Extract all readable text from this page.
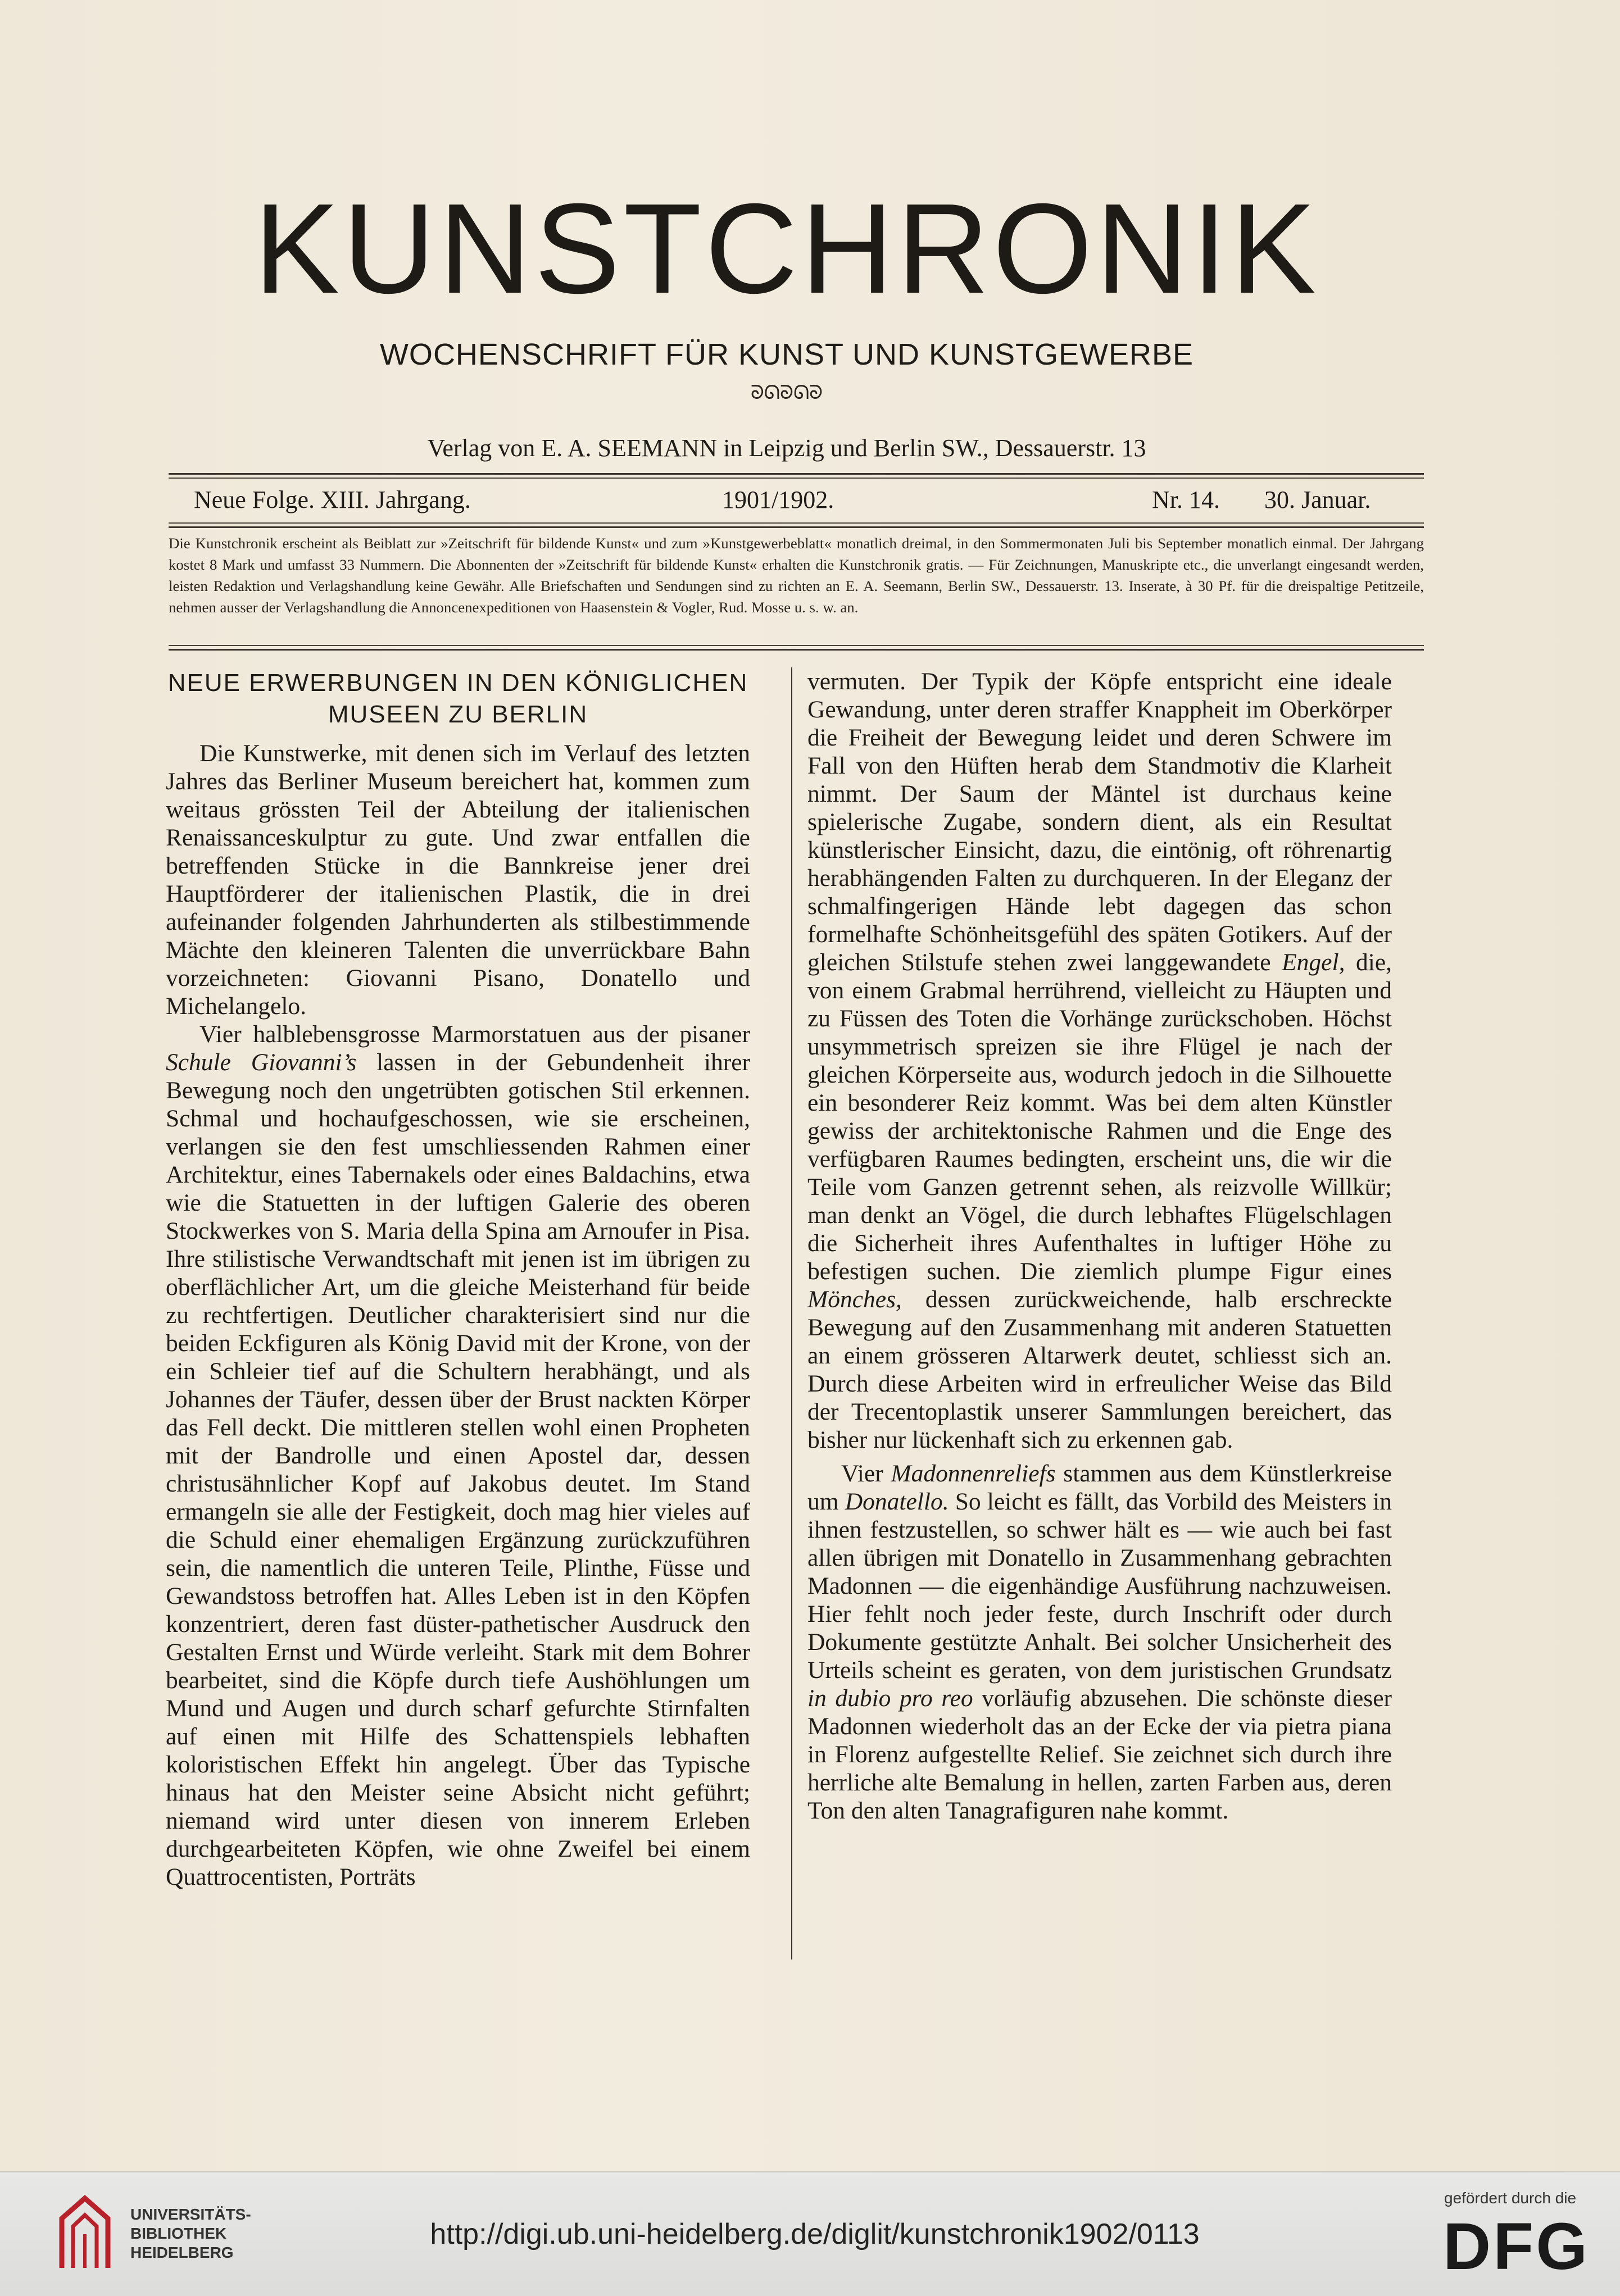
KUNSTCHRONIK
WOCHENSCHRIFT FÜR KUNST UND KUNSTGEWERBE
ᘐᘏᘐᘏᘐ
Verlag von E. A. SEEMANN in Leipzig und Berlin SW., Dessauerstr. 13
Neue Folge. XIII. Jahrgang.	1901/1902.	Nr. 14. 30. Januar.
Die Kunstchronik erscheint als Beiblatt zur »Zeitschrift für bildende Kunst« und zum »Kunstgewerbeblatt« monatlich dreimal, in den Sommermonaten Juli bis September monatlich einmal. Der Jahrgang kostet 8 Mark und umfasst 33 Nummern. Die Abonnenten der »Zeitschrift für bildende Kunst« erhalten die Kunstchronik gratis. — Für Zeichnungen, Manuskripte etc., die unverlangt eingesandt werden, leisten Redaktion und Verlagshandlung keine Gewähr. Alle Briefschaften und Sendungen sind zu richten an E. A. Seemann, Berlin SW., Dessauerstr. 13. Inserate, à 30 Pf. für die dreispaltige Petitzeile, nehmen ausser der Verlagshandlung die Annoncenexpeditionen von Haasenstein & Vogler, Rud. Mosse u. s. w. an.
NEUE ERWERBUNGEN IN DEN KÖNIGLICHEN MUSEEN ZU BERLIN

Die Kunstwerke, mit denen sich im Verlauf des letzten Jahres das Berliner Museum bereichert hat, kommen zum weitaus grössten Teil der Abteilung der italienischen Renaissanceskulptur zu gute. Und zwar entfallen die betreffenden Stücke in die Bannkreise jener drei Hauptförderer der italienischen Plastik, die in drei aufeinander folgenden Jahrhunderten als stilbestimmende Mächte den kleineren Talenten die unverrückbare Bahn vorzeichneten: Giovanni Pisano, Donatello und Michelangelo.

Vier halblebensgrosse Marmorstatuen aus der pisaner Schule Giovanni’s lassen in der Gebundenheit ihrer Bewegung noch den ungetrübten gotischen Stil erkennen. Schmal und hochaufgeschossen, wie sie erscheinen, verlangen sie den fest umschliessenden Rahmen einer Architektur, eines Tabernakels oder eines Baldachins, etwa wie die Statuetten in der luftigen Galerie des oberen Stockwerkes von S. Maria della Spina am Arnoufer in Pisa. Ihre stilistische Verwandtschaft mit jenen ist im übrigen zu oberflächlicher Art, um die gleiche Meisterhand für beide zu rechtfertigen. Deutlicher charakterisiert sind nur die beiden Eckfiguren als König David mit der Krone, von der ein Schleier tief auf die Schultern herabhängt, und als Johannes der Täufer, dessen über der Brust nackten Körper das Fell deckt. Die mittleren stellen wohl einen Propheten mit der Bandrolle und einen Apostel dar, dessen christusähnlicher Kopf auf Jakobus deutet. Im Stand ermangeln sie alle der Festigkeit, doch mag hier vieles auf die Schuld einer ehemaligen Ergänzung zurückzuführen sein, die namentlich die unteren Teile, Plinthe, Füsse und Gewandstoss betroffen hat. Alles Leben ist in den Köpfen konzentriert, deren fast düster-pathetischer Ausdruck den Gestalten Ernst und Würde verleiht. Stark mit dem Bohrer bearbeitet, sind die Köpfe durch tiefe Aushöhlungen um Mund und Augen und durch scharf gefurchte Stirnfalten auf einen mit Hilfe des Schattenspiels lebhaften koloristischen Effekt hin angelegt. Über das Typische hinaus hat den Meister seine Absicht nicht geführt; niemand wird unter diesen von innerem Erleben durchgearbeiteten Köpfen, wie ohne Zweifel bei einem Quattrocentisten, Porträts

vermuten. Der Typik der Köpfe entspricht eine ideale Gewandung, unter deren straffer Knappheit im Oberkörper die Freiheit der Bewegung leidet und deren Schwere im Fall von den Hüften herab dem Standmotiv die Klarheit nimmt. Der Saum der Mäntel ist durchaus keine spielerische Zugabe, sondern dient, als ein Resultat künstlerischer Einsicht, dazu, die eintönig, oft röhrenartig herabhängenden Falten zu durchqueren. In der Eleganz der schmalfingerigen Hände lebt dagegen das schon formelhafte Schönheitsgefühl des späten Gotikers. Auf der gleichen Stilstufe stehen zwei langgewandete Engel, die, von einem Grabmal herrührend, vielleicht zu Häupten und zu Füssen des Toten die Vorhänge zurückschoben. Höchst unsymmetrisch spreizen sie ihre Flügel je nach der gleichen Körperseite aus, wodurch jedoch in die Silhouette ein besonderer Reiz kommt. Was bei dem alten Künstler gewiss der architektonische Rahmen und die Enge des verfügbaren Raumes bedingten, erscheint uns, die wir die Teile vom Ganzen getrennt sehen, als reizvolle Willkür; man denkt an Vögel, die durch lebhaftes Flügelschlagen die Sicherheit ihres Aufenthaltes in luftiger Höhe zu befestigen suchen. Die ziemlich plumpe Figur eines Mönches, dessen zurückweichende, halb erschreckte Bewegung auf den Zusammenhang mit anderen Statuetten an einem grösseren Altarwerk deutet, schliesst sich an. Durch diese Arbeiten wird in erfreulicher Weise das Bild der Trecentoplastik unserer Sammlungen bereichert, das bisher nur lückenhaft sich zu erkennen gab.

Vier Madonnenreliefs stammen aus dem Künstlerkreise um Donatello. So leicht es fällt, das Vorbild des Meisters in ihnen festzustellen, so schwer hält es — wie auch bei fast allen übrigen mit Donatello in Zusammenhang gebrachten Madonnen — die eigenhändige Ausführung nachzuweisen. Hier fehlt noch jeder feste, durch Inschrift oder durch Dokumente gestützte Anhalt. Bei solcher Unsicherheit des Urteils scheint es geraten, von dem juristischen Grundsatz in dubio pro reo vorläufig abzusehen. Die schönste dieser Madonnen wiederholt das an der Ecke der via pietra piana in Florenz aufgestellte Relief. Sie zeichnet sich durch ihre herrliche alte Bemalung in hellen, zarten Farben aus, deren Ton den alten Tanagrafiguren nahe kommt.

UNIVERSITÄTS-
BIBLIOTHEK
HEIDELBERG
http://digi.ub.uni-heidelberg.de/diglit/kunstchronik1902/0113
gefördert durch die
DFG
